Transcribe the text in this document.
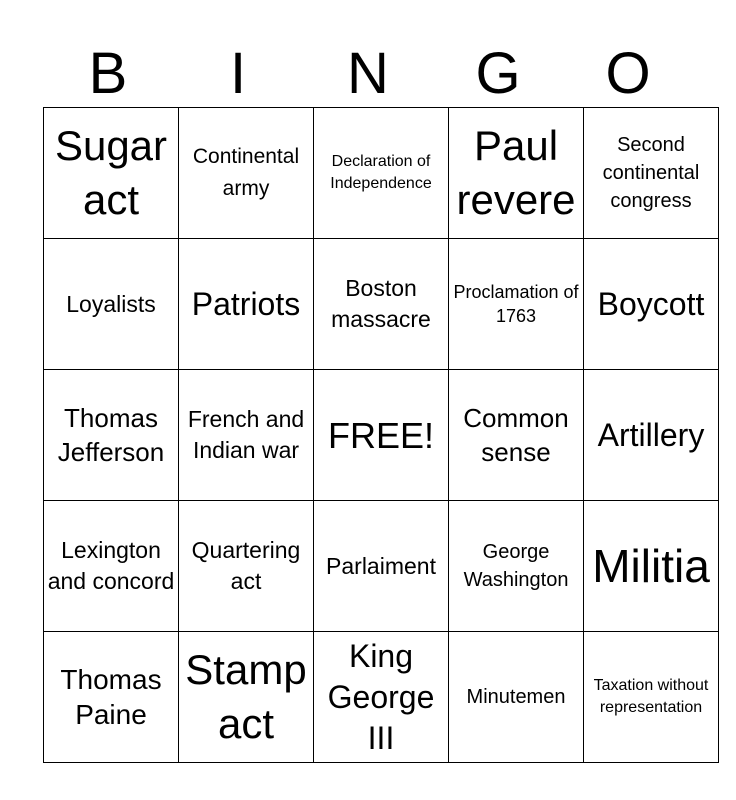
B	I	N	G	O
Sugar act	Continental army	Declaration of Independence	Paul revere	Second continental congress

Loyalists	Patriots	Boston massacre	Proclamation of 1763	Boycott

Thomas Jefferson	French and Indian war	FREE!	Common sense	Artillery

Lexington and concord	Quartering act	Parlaiment	George Washington	Militia

Thomas Paine	Stamp act	King George III	Minutemen	Taxation without representation
